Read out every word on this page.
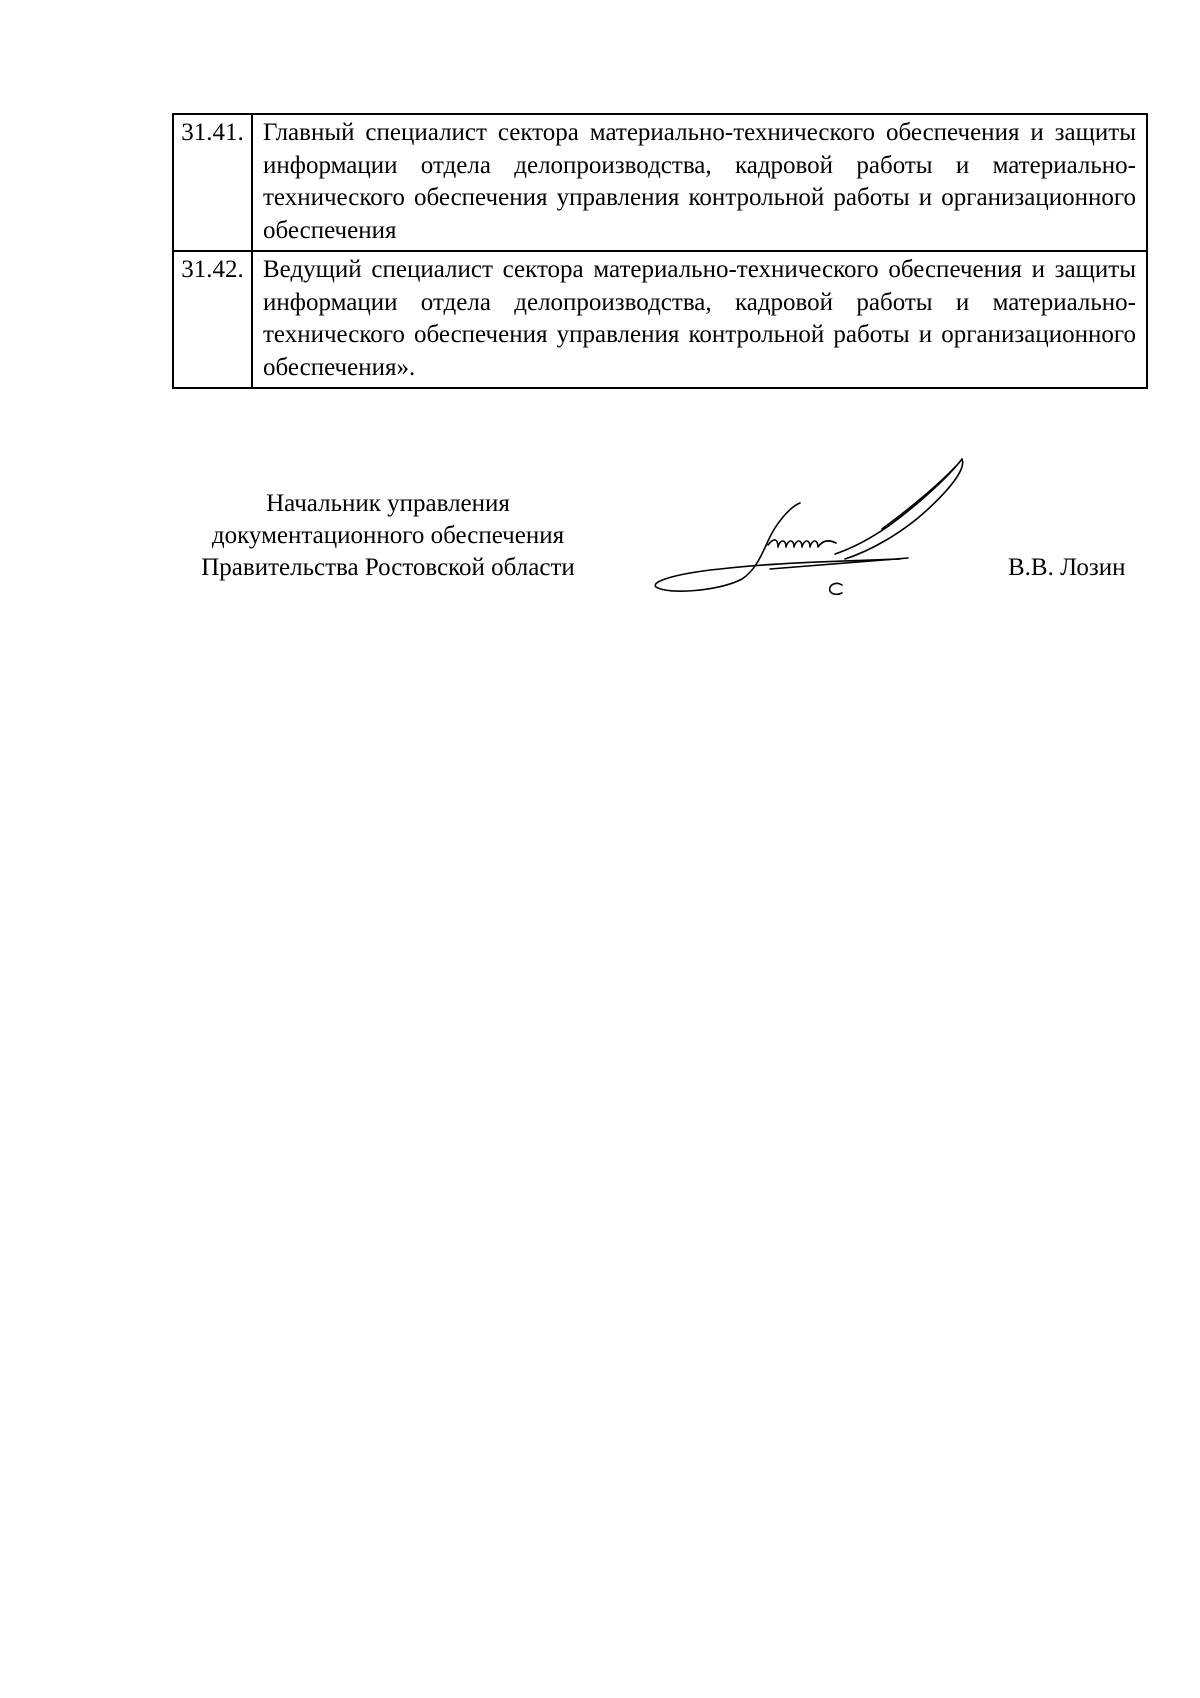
31.41.	Главный специалист сектора материально-технического обеспечения и защиты информации отдела делопроизводства, кадровой работы и материально-технического обеспечения управления контрольной работы и организационного обеспечения
31.42.	Ведущий специалист сектора материально-технического обеспечения и защиты информации отдела делопроизводства, кадровой работы и материально-технического обеспечения управления контрольной работы и организационного обеспечения».
Начальник управления
документационного обеспечения
Правительства Ростовской области	В.В. Лозин
